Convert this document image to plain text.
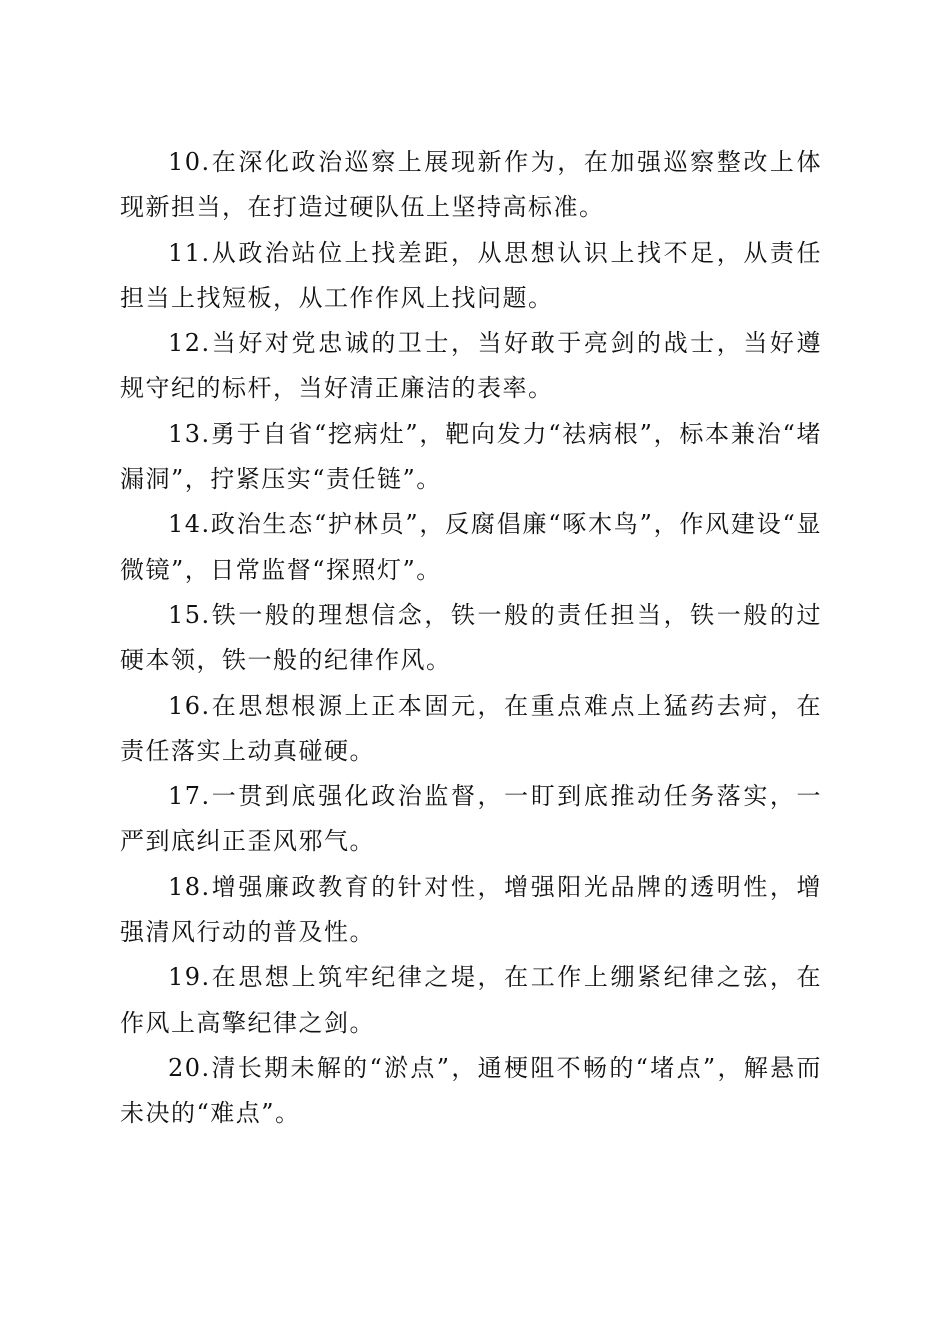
10.在深化政治巡察上展现新作为，在加强巡察整改上体现新担当，在打造过硬队伍上坚持高标准。

11.从政治站位上找差距，从思想认识上找不足，从责任担当上找短板，从工作作风上找问题。

12.当好对党忠诚的卫士，当好敢于亮剑的战士，当好遵规守纪的标杆，当好清正廉洁的表率。

13.勇于自省“挖病灶”，靶向发力“祛病根”，标本兼治“堵漏洞”，拧紧压实“责任链”。

14.政治生态“护林员”，反腐倡廉“啄木鸟”，作风建设“显微镜”，日常监督“探照灯”。

15.铁一般的理想信念，铁一般的责任担当，铁一般的过硬本领，铁一般的纪律作风。

16.在思想根源上正本固元，在重点难点上猛药去疴，在责任落实上动真碰硬。

17.一贯到底强化政治监督，一盯到底推动任务落实，一严到底纠正歪风邪气。

18.增强廉政教育的针对性，增强阳光品牌的透明性，增强清风行动的普及性。

19.在思想上筑牢纪律之堤，在工作上绷紧纪律之弦，在作风上高擎纪律之剑。

20.清长期未解的“淤点”，通梗阻不畅的“堵点”，解悬而未决的“难点”。
